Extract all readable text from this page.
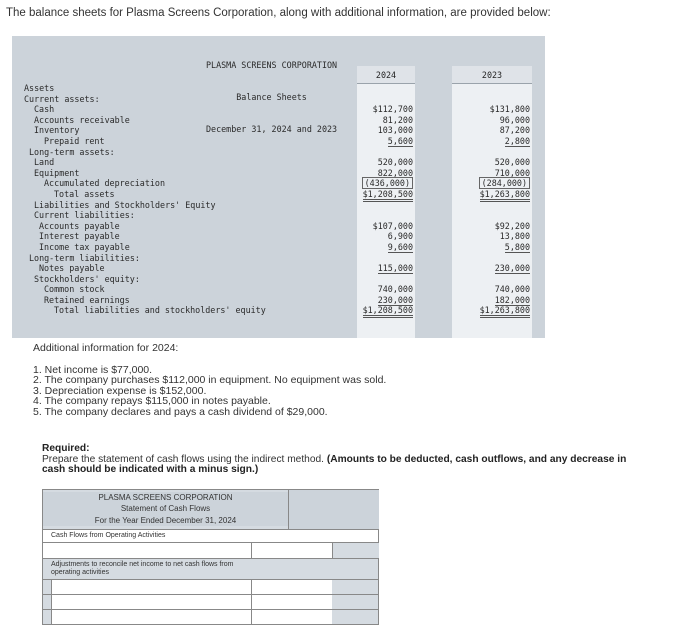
The balance sheets for Plasma Screens Corporation, along with additional information, are provided below:

PLASMA SCREENS CORPORATION

Balance Sheets

December 31, 2024 and 2023

2024	2023
Assets
Current assets:
Cash
Accounts receivable
Inventory
Prepaid rent
Long-term assets:
Land
Equipment
Accumulated depreciation
Total assets
Liabilities and Stockholders' Equity
Current liabilities:
Accounts payable
Interest payable
Income tax payable
Long-term liabilities:
Notes payable
Stockholders' equity:
Common stock
Retained earnings
Total liabilities and stockholders' equity
$112,700
81,200
103,000
5,600
520,000
822,000
(436,000)
$1,208,500
$107,000
6,900
9,600
115,000
740,000
230,000
$1,208,500
$131,800
96,000
87,200
2,800
520,000
710,000
(284,000)
$1,263,800
$92,200
13,800
5,800
230,000
740,000
182,000
$1,263,800
Additional information for 2024:
1. Net income is $77,000.
2. The company purchases $112,000 in equipment. No equipment was sold.
3. Depreciation expense is $152,000.
4. The company repays $115,000 in notes payable.
5. The company declares and pays a cash dividend of $29,000.
Required:
Prepare the statement of cash flows using the indirect method. (Amounts to be deducted, cash outflows, and any decrease in cash should be indicated with a minus sign.)
PLASMA SCREENS CORPORATION
Statement of Cash Flows
For the Year Ended December 31, 2024
Cash Flows from Operating Activities
Adjustments to reconcile net income to net cash flows from operating activities
